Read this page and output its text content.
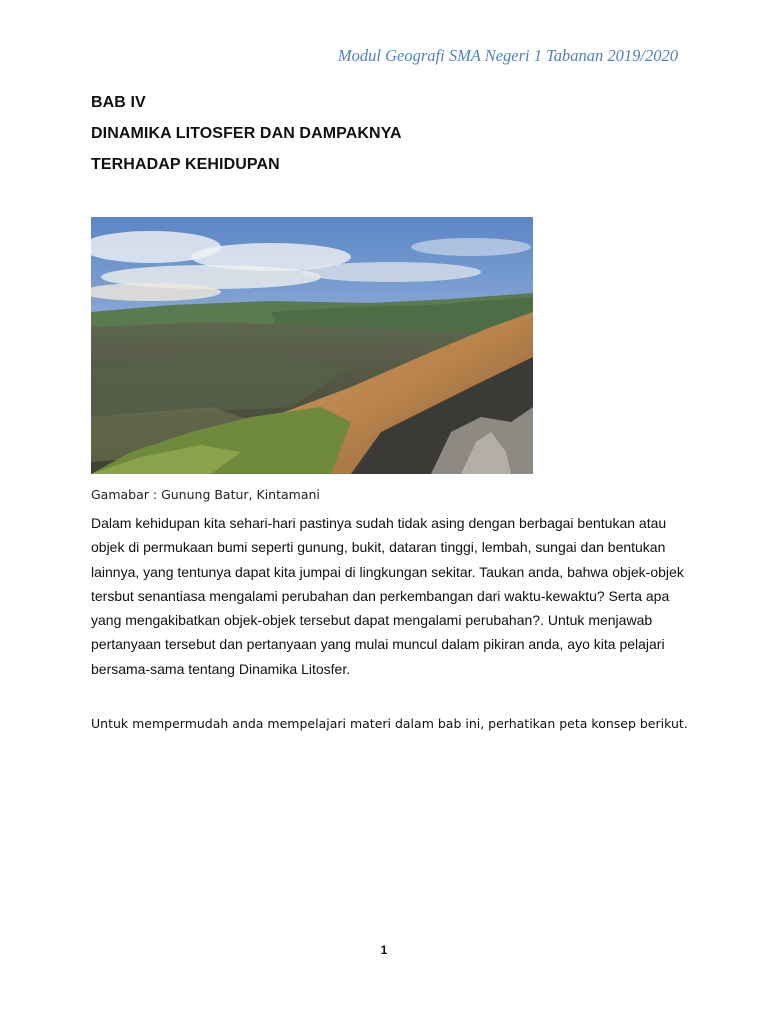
Modul Geografi SMA Negeri 1 Tabanan 2019/2020
BAB IV
DINAMIKA LITOSFER DAN DAMPAKNYA
TERHADAP KEHIDUPAN
Gamabar : Gunung Batur, Kintamani
Dalam kehidupan kita sehari-hari pastinya sudah tidak asing dengan berbagai bentukan atau
objek di permukaan bumi seperti gunung, bukit, dataran tinggi, lembah, sungai dan bentukan
lainnya, yang tentunya dapat kita jumpai di lingkungan sekitar. Taukan anda, bahwa objek-objek
tersbut senantiasa mengalami perubahan dan perkembangan dari waktu-kewaktu? Serta apa
yang mengakibatkan objek-objek tersebut dapat mengalami perubahan?. Untuk menjawab
pertanyaan tersebut dan pertanyaan yang mulai muncul dalam pikiran anda, ayo kita pelajari
bersama-sama tentang Dinamika Litosfer.
Untuk mempermudah anda mempelajari materi dalam bab ini, perhatikan peta konsep berikut.
1
